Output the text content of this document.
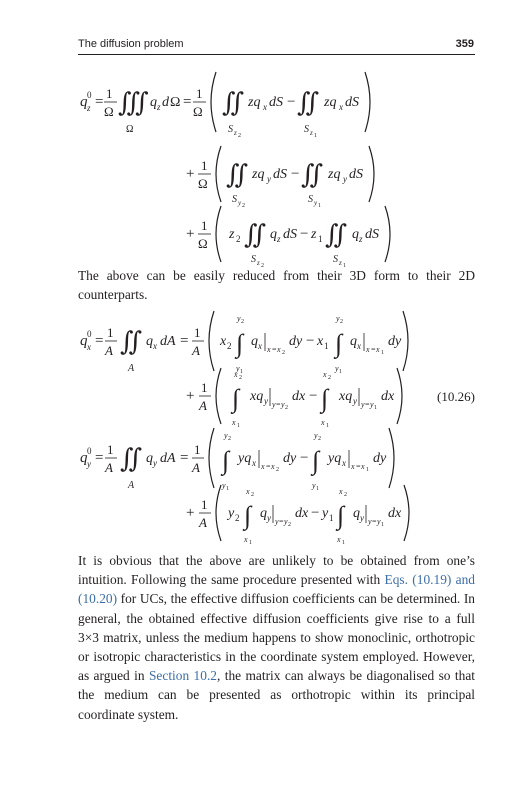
The diffusion problem	359
q 0
z =
1
Ω ∭
Ω
q z d Ω =
1
Ω ∬
S z 2
zq x dS − ∬
S z 1
zq x dS
+
1
Ω ∬
S y 2
zq y dS − ∬
S y 1
zq y dS
+
1
Ω
z 2 ∬
S z 2
q z dS − z 1 ∬
S z 1
q z dS
The above can be easily reduced from their 3D form to their 2D counterparts.
q 0
x =
1
A ∬
A
q x dA =
1
A
x 2
y 2
∫
y 1
q x x = x 2
dy − x 1
y 2
∫
y 1
q x x = x 1
dy
+
1
A
x 2
∫
x 1
xq y y = y 2
dx −
x 2
∫
x 1
xq y y = y 1
dx
q 0
y =
1
A ∬
A
q y dA =
1
A
y 2
∫
y 1
yq x x = x 2
dy −
y 2
∫
y 1
yq x x = x 1
dy
+
1
A
y 2
x 2
∫
x 1
q y y = y 2
dx − y 1
x 2
∫
x 1
q y y = y 1
dx
(10.26)
It is obvious that the above are unlikely to be obtained from one’s intuition. Following the same procedure presented with Eqs. (10.19) and (10.20) for UCs, the effective diffusion coefficients can be determined. In general, the obtained effective diffusion coefficients give rise to a full 3×3 matrix, unless the medium happens to show monoclinic, orthotropic or isotropic characteristics in the coordinate system employed. However, as argued in Section 10.2, the matrix can always be diagonalised so that the medium can be presented as orthotropic within its principal coordinate system.
